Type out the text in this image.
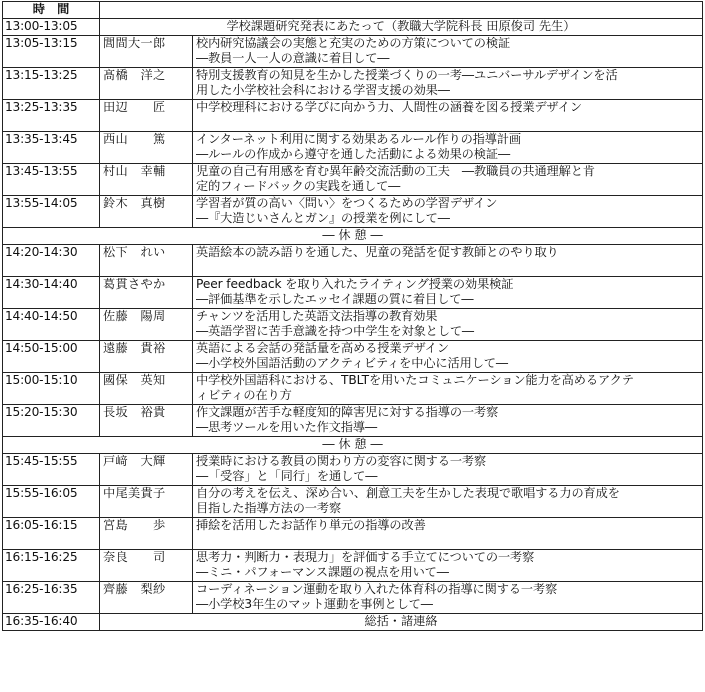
時　間		
13:00-13:05	学校課題研究発表にあたって（教職大学院科長 田原俊司 先生）	
13:05-13:15	閭間大一郎	校内研究協議会の実態と充実のための方策についての検証
―教員一人一人の意識に着目して―

13:15-13:25	髙橋　洋之	特別支援教育の知見を生かした授業づくりの一考―ユニバーサルデザインを活
用した小学校社会科における学習支援の効果―

13:25-13:35	田辺　　匠	中学校理科における学びに向かう力、人間性の涵養を図る授業デザイン

13:35-13:45	西山　　篤	インターネット利用に関する効果あるルール作りの指導計画
―ルールの作成から遵守を通した活動による効果の検証―

13:45-13:55	村山　幸輔	児童の自己有用感を育む異年齢交流活動の工夫　―教職員の共通理解と肯
定的フィードバックの実践を通して―

13:55-14:05	鈴木　真樹	学習者が質の高い〈問い〉をつくるための学習デザイン
―『大造じいさんとガン』の授業を例にして―

― 休 憩 ―		
14:20-14:30	松下　れい	英語絵本の読み語りを通した、児童の発話を促す教師とのやり取り

14:30-14:40	葛貫さやか	Peer feedback を取り入れたライティング授業の効果検証
―評価基準を示したエッセイ課題の質に着目して―

14:40-14:50	佐藤　陽周	チャンツを活用した英語文法指導の教育効果
―英語学習に苦手意識を持つ中学生を対象として―

14:50-15:00	遠藤　貴裕	英語による会話の発話量を高める授業デザイン
―小学校外国語活動のアクティビティを中心に活用して―

15:00-15:10	國保　英知	中学校外国語科における、TBLTを用いたコミュニケーション能力を高めるアクテ
ィビティの在り方

15:20-15:30	長坂　裕貴	作文課題が苦手な軽度知的障害児に対する指導の一考察
―思考ツールを用いた作文指導―

― 休 憩 ―		
15:45-15:55	戸﨑　大輝	授業時における教員の関わり方の変容に関する一考察
―「受容」と「同行」を通して―

15:55-16:05	中尾美貴子	自分の考えを伝え、深め合い、創意工夫を生かした表現で歌唱する力の育成を
目指した指導方法の一考察

16:05-16:15	宮島　　歩	挿絵を活用したお話作り単元の指導の改善

16:15-16:25	奈良　　司	思考力・判断力・表現力」を評価する手立てについての一考察
―ミニ・パフォーマンス課題の視点を用いて―

16:25-16:35	齊藤　梨紗	コーディネーション運動を取り入れた体育科の指導に関する一考察
―小学校3年生のマット運動を事例として―

16:35-16:40	総括・諸連絡	
